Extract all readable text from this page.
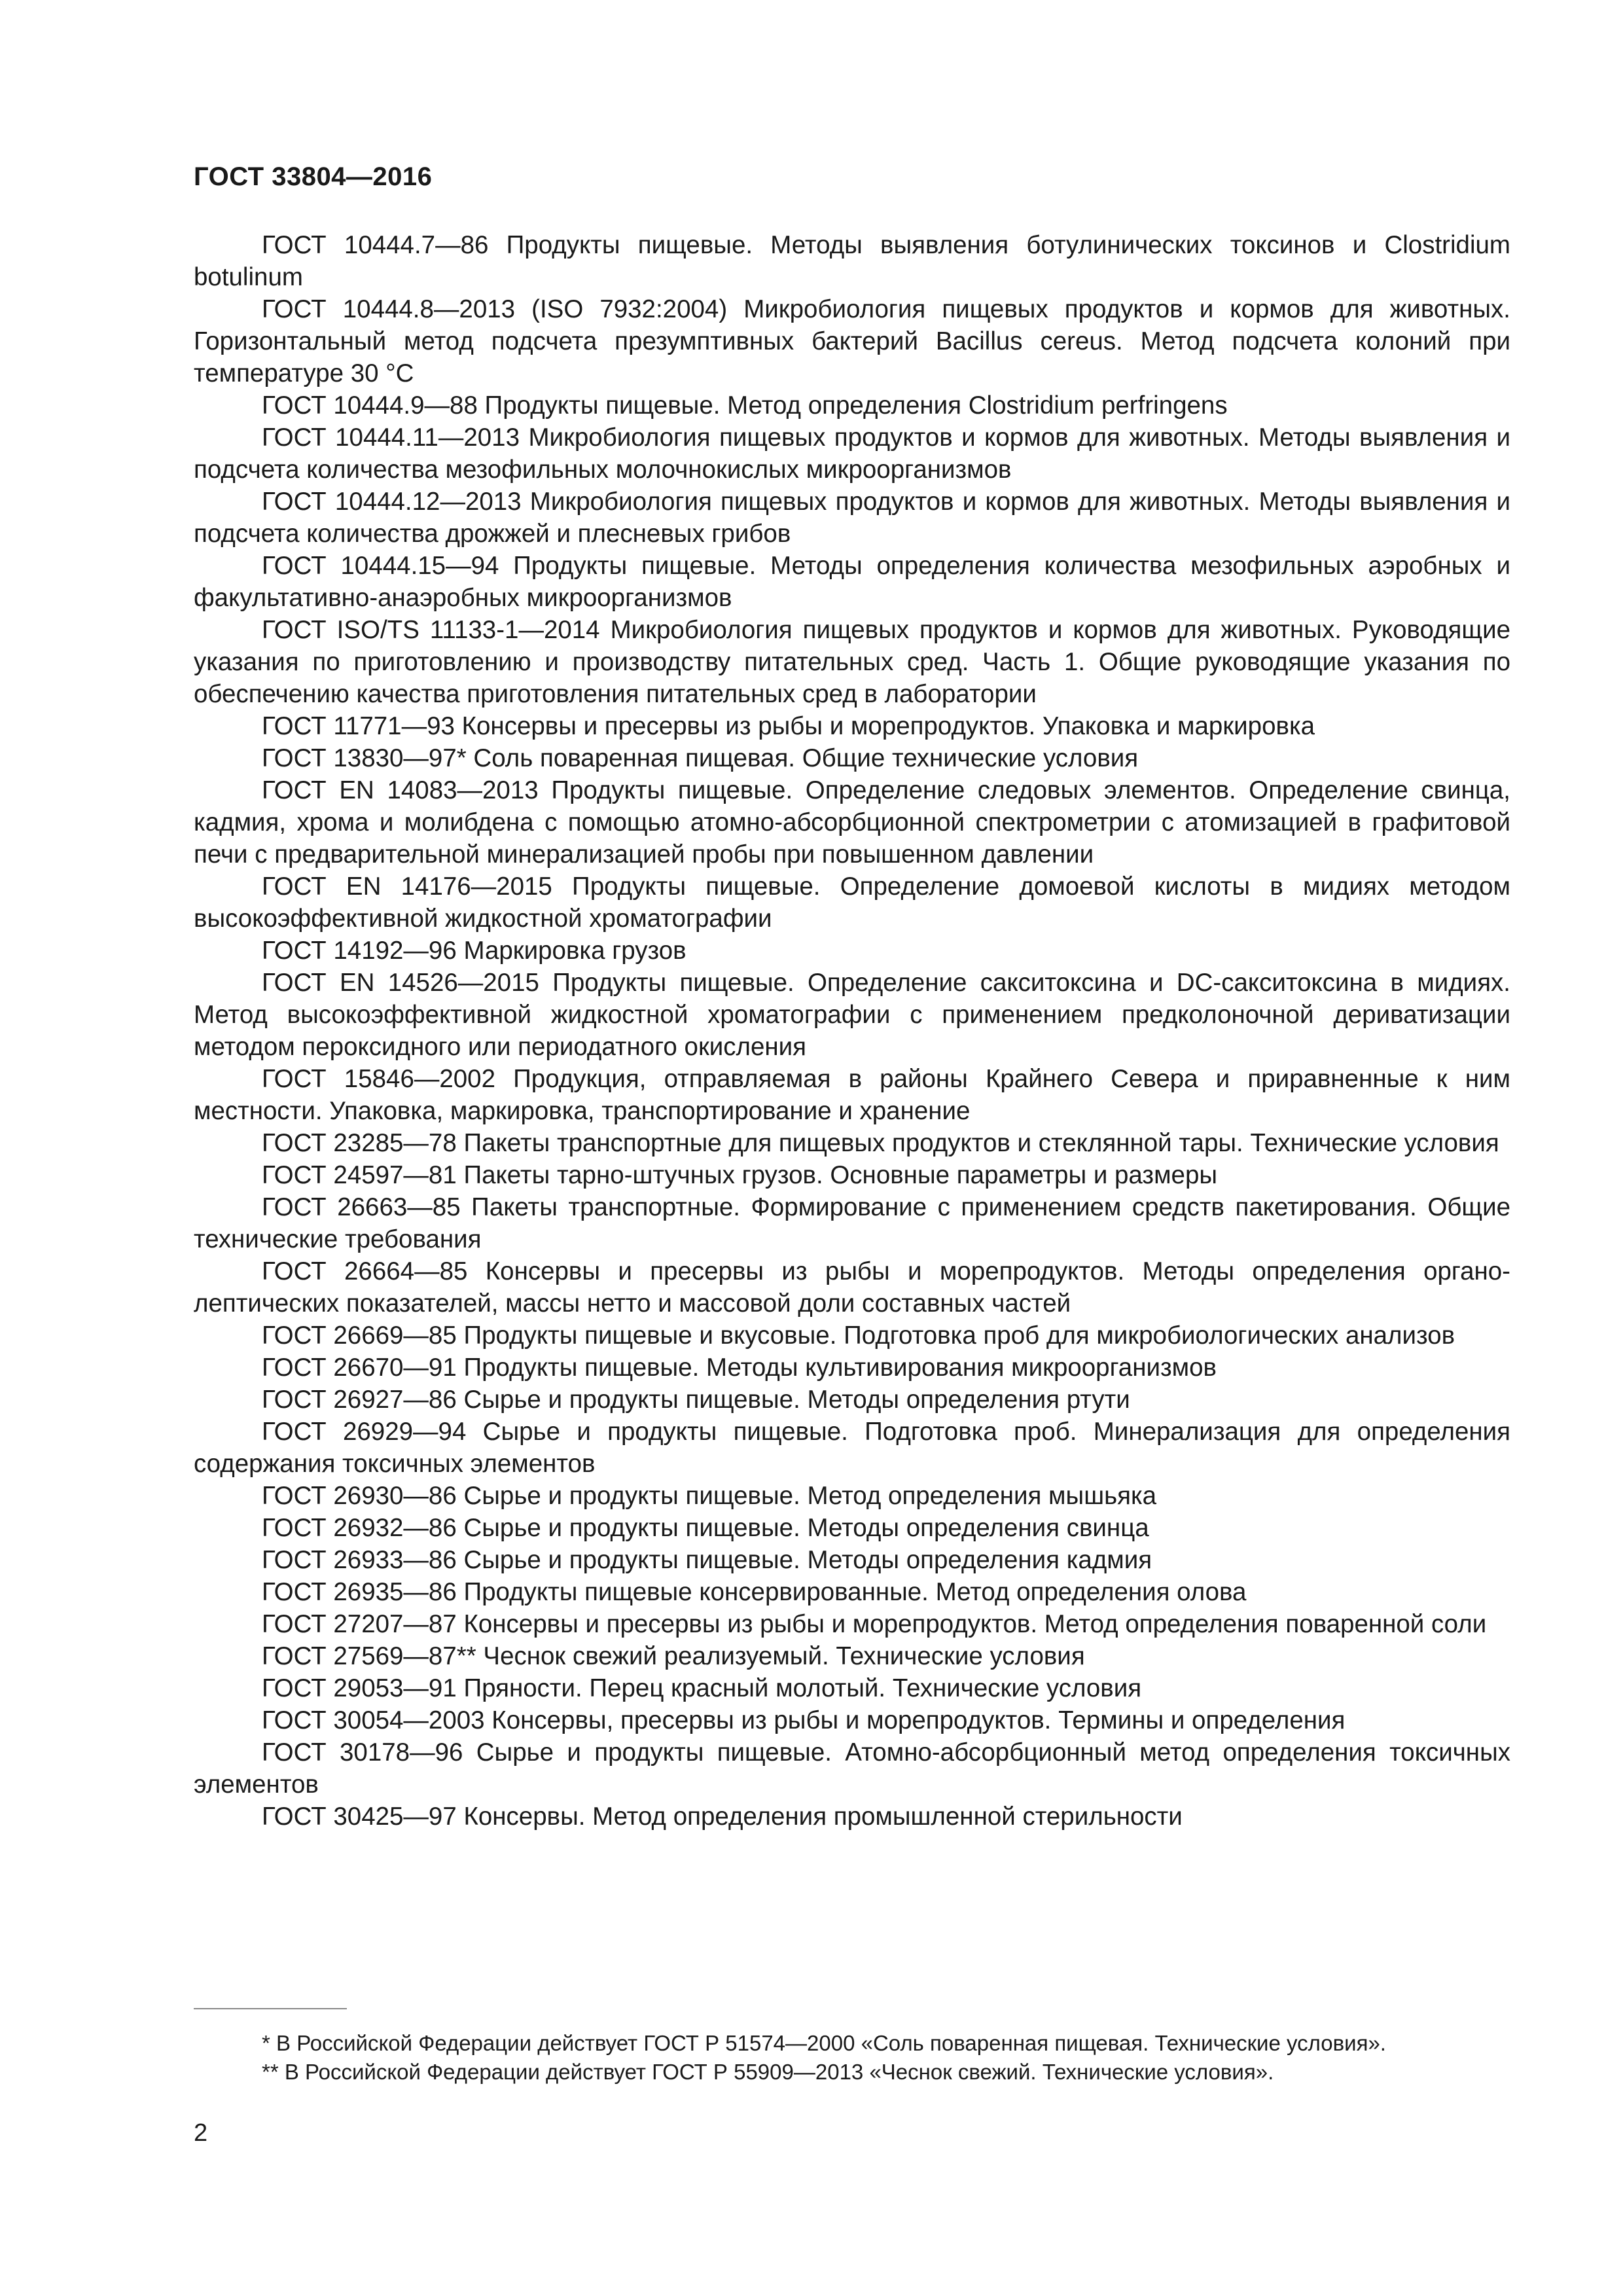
ГОСТ 33804—2016

ГОСТ 10444.7—86 Продукты пищевые. Методы выявления ботулинических токсинов и Clostridium botulinum

ГОСТ 10444.8—2013 (ISO 7932:2004) Микробиология пищевых продуктов и кормов для животных. Горизонтальный метод подсчета презумптивных бактерий Bacillus cereus. Метод подсчета колоний при температуре 30 °С

ГОСТ 10444.9—88 Продукты пищевые. Метод определения Clostridium perfringens

ГОСТ 10444.11—2013 Микробиология пищевых продуктов и кормов для животных. Методы выявления и подсчета количества мезофильных молочнокислых микроорганизмов

ГОСТ 10444.12—2013 Микробиология пищевых продуктов и кормов для животных. Методы выявления и подсчета количества дрожжей и плесневых грибов

ГОСТ 10444.15—94 Продукты пищевые. Методы определения количества мезофильных аэробных и факультативно-анаэробных микроорганизмов

ГОСТ ISO/TS 11133-1—2014 Микробиология пищевых продуктов и кормов для животных. Руководящие указания по приготовлению и производству питательных сред. Часть 1. Общие руководящие указания по обеспечению качества приготовления питательных сред в лаборатории

ГОСТ 11771—93 Консервы и пресервы из рыбы и морепродуктов. Упаковка и маркировка

ГОСТ 13830—97* Соль поваренная пищевая. Общие технические условия

ГОСТ EN 14083—2013 Продукты пищевые. Определение следовых элементов. Определение свинца, кадмия, хрома и молибдена с помощью атомно-абсорбционной спектрометрии с атомизацией в графитовой печи с предварительной минерализацией пробы при повышенном давлении

ГОСТ EN 14176—2015 Продукты пищевые. Определение домоевой кислоты в мидиях методом высокоэффективной жидкостной хроматографии

ГОСТ 14192—96 Маркировка грузов

ГОСТ EN 14526—2015 Продукты пищевые. Определение сакситоксина и DC-сакситоксина в мидиях. Метод высокоэффективной жидкостной хроматографии с применением предколоночной дериватизации методом пероксидного или периодатного окисления

ГОСТ 15846—2002 Продукция, отправляемая в районы Крайнего Севера и приравненные к ним местности. Упаковка, маркировка, транспортирование и хранение

ГОСТ 23285—78 Пакеты транспортные для пищевых продуктов и стеклянной тары. Технические условия

ГОСТ 24597—81 Пакеты тарно-штучных грузов. Основные параметры и размеры

ГОСТ 26663—85 Пакеты транспортные. Формирование с применением средств пакетирования. Общие технические требования

ГОСТ 26664—85 Консервы и пресервы из рыбы и морепродуктов. Методы определения органолептических показателей, массы нетто и массовой доли составных частей

ГОСТ 26669—85 Продукты пищевые и вкусовые. Подготовка проб для микробиологических анализов

ГОСТ 26670—91 Продукты пищевые. Методы культивирования микроорганизмов

ГОСТ 26927—86 Сырье и продукты пищевые. Методы определения ртути

ГОСТ 26929—94 Сырье и продукты пищевые. Подготовка проб. Минерализация для определения содержания токсичных элементов

ГОСТ 26930—86 Сырье и продукты пищевые. Метод определения мышьяка

ГОСТ 26932—86 Сырье и продукты пищевые. Методы определения свинца

ГОСТ 26933—86 Сырье и продукты пищевые. Методы определения кадмия

ГОСТ 26935—86 Продукты пищевые консервированные. Метод определения олова

ГОСТ 27207—87 Консервы и пресервы из рыбы и морепродуктов. Метод определения поваренной соли

ГОСТ 27569—87** Чеснок свежий реализуемый. Технические условия

ГОСТ 29053—91 Пряности. Перец красный молотый. Технические условия

ГОСТ 30054—2003 Консервы, пресервы из рыбы и морепродуктов. Термины и определения

ГОСТ 30178—96 Сырье и продукты пищевые. Атомно-абсорбционный метод определения токсичных элементов

ГОСТ 30425—97 Консервы. Метод определения промышленной стерильности

* В Российской Федерации действует ГОСТ Р 51574—2000 «Соль поваренная пищевая. Технические условия».

** В Российской Федерации действует ГОСТ Р 55909—2013 «Чеснок свежий. Технические условия».

2
